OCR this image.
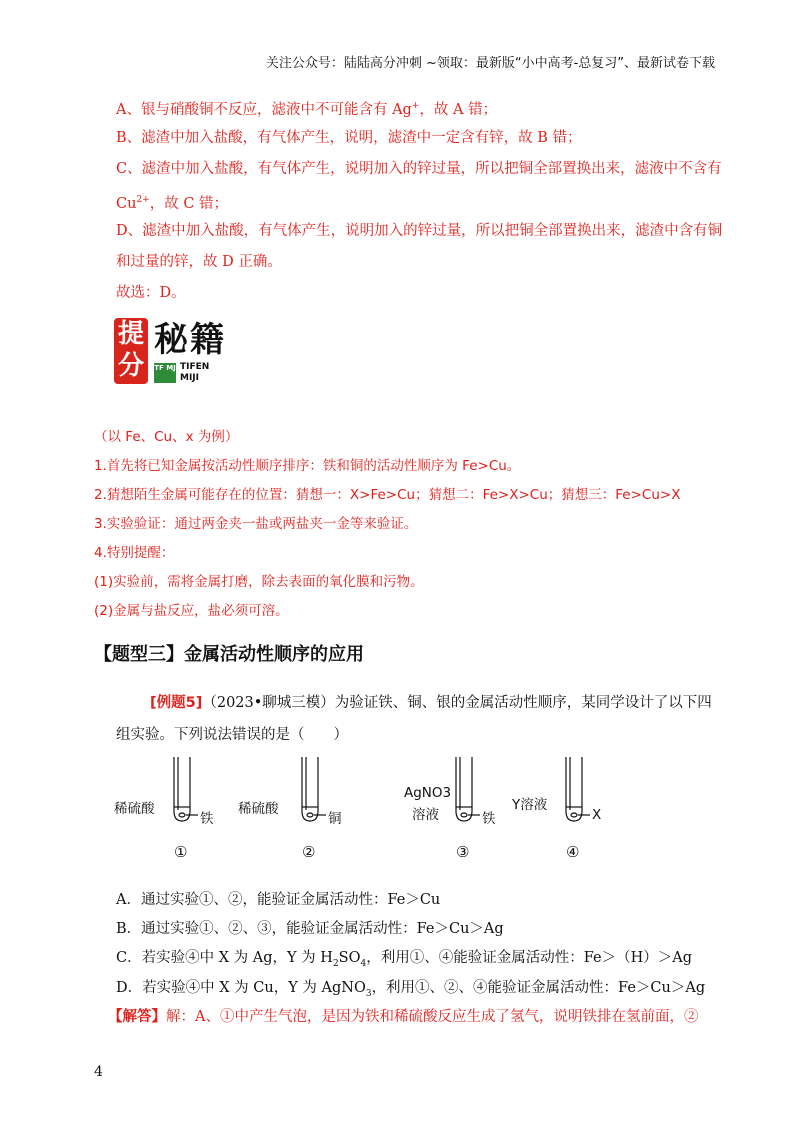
关注公众号：陆陆高分冲刺 ~领取：最新版“小中高考-总复习”、最新试卷下载
A、银与硝酸铜不反应，滤液中不可能含有 Ag+，故 A 错；
B、滤渣中加入盐酸，有气体产生，说明，滤渣中一定含有锌，故 B 错；
C、滤渣中加入盐酸，有气体产生，说明加入的锌过量，所以把铜全部置换出来，滤液中不含有
$Cu^{2+}$，故 C 错；
D、滤渣中加入盐酸，有气体产生，说明加入的锌过量，所以把铜全部置换出来，滤渣中含有铜
和过量的锌，故 D 正确。
故选：D。
提
分
秘籍
TF MJ TIFEN
MIJI
（以 Fe、Cu、x 为例）
1.首先将已知金属按活动性顺序排序：铁和铜的活动性顺序为 Fe>Cu。
2.猜想陌生金属可能存在的位置：猜想一：X>Fe>Cu；猜想二：Fe>X>Cu；猜想三：Fe>Cu>X
3.实验验证：通过两金夹一盐或两盐夹一金等来验证。
4.特别提醒：
(1)实验前，需将金属打磨，除去表面的氧化膜和污物。
(2)金属与盐反应，盐必须可溶。
【题型三】金属活动性顺序的应用
[例题5]（2023•聊城三模）为验证铁、铜、银的金属活动性顺序，某同学设计了以下四
组实验。下列说法错误的是（　　）
稀硫酸
铁
①
稀硫酸
铜
②
AgNO3
溶液	铁
③
Y溶液
X
④
A．通过实验①、②，能验证金属活动性：Fe＞Cu
B．通过实验①、②、③，能验证金属活动性：Fe＞Cu＞Ag
C．若实验④中 X 为 Ag，Y 为 $H_2SO_4$，利用①、④能验证金属活动性：Fe＞（H）＞Ag
D．若实验④中 X 为 Cu，Y 为 AgNO$_3$，利用①、②、④能验证金属活动性：Fe＞Cu＞Ag
【解答】解：A、①中产生气泡，是因为铁和稀硫酸反应生成了氢气，说明铁排在氢前面，②
4
